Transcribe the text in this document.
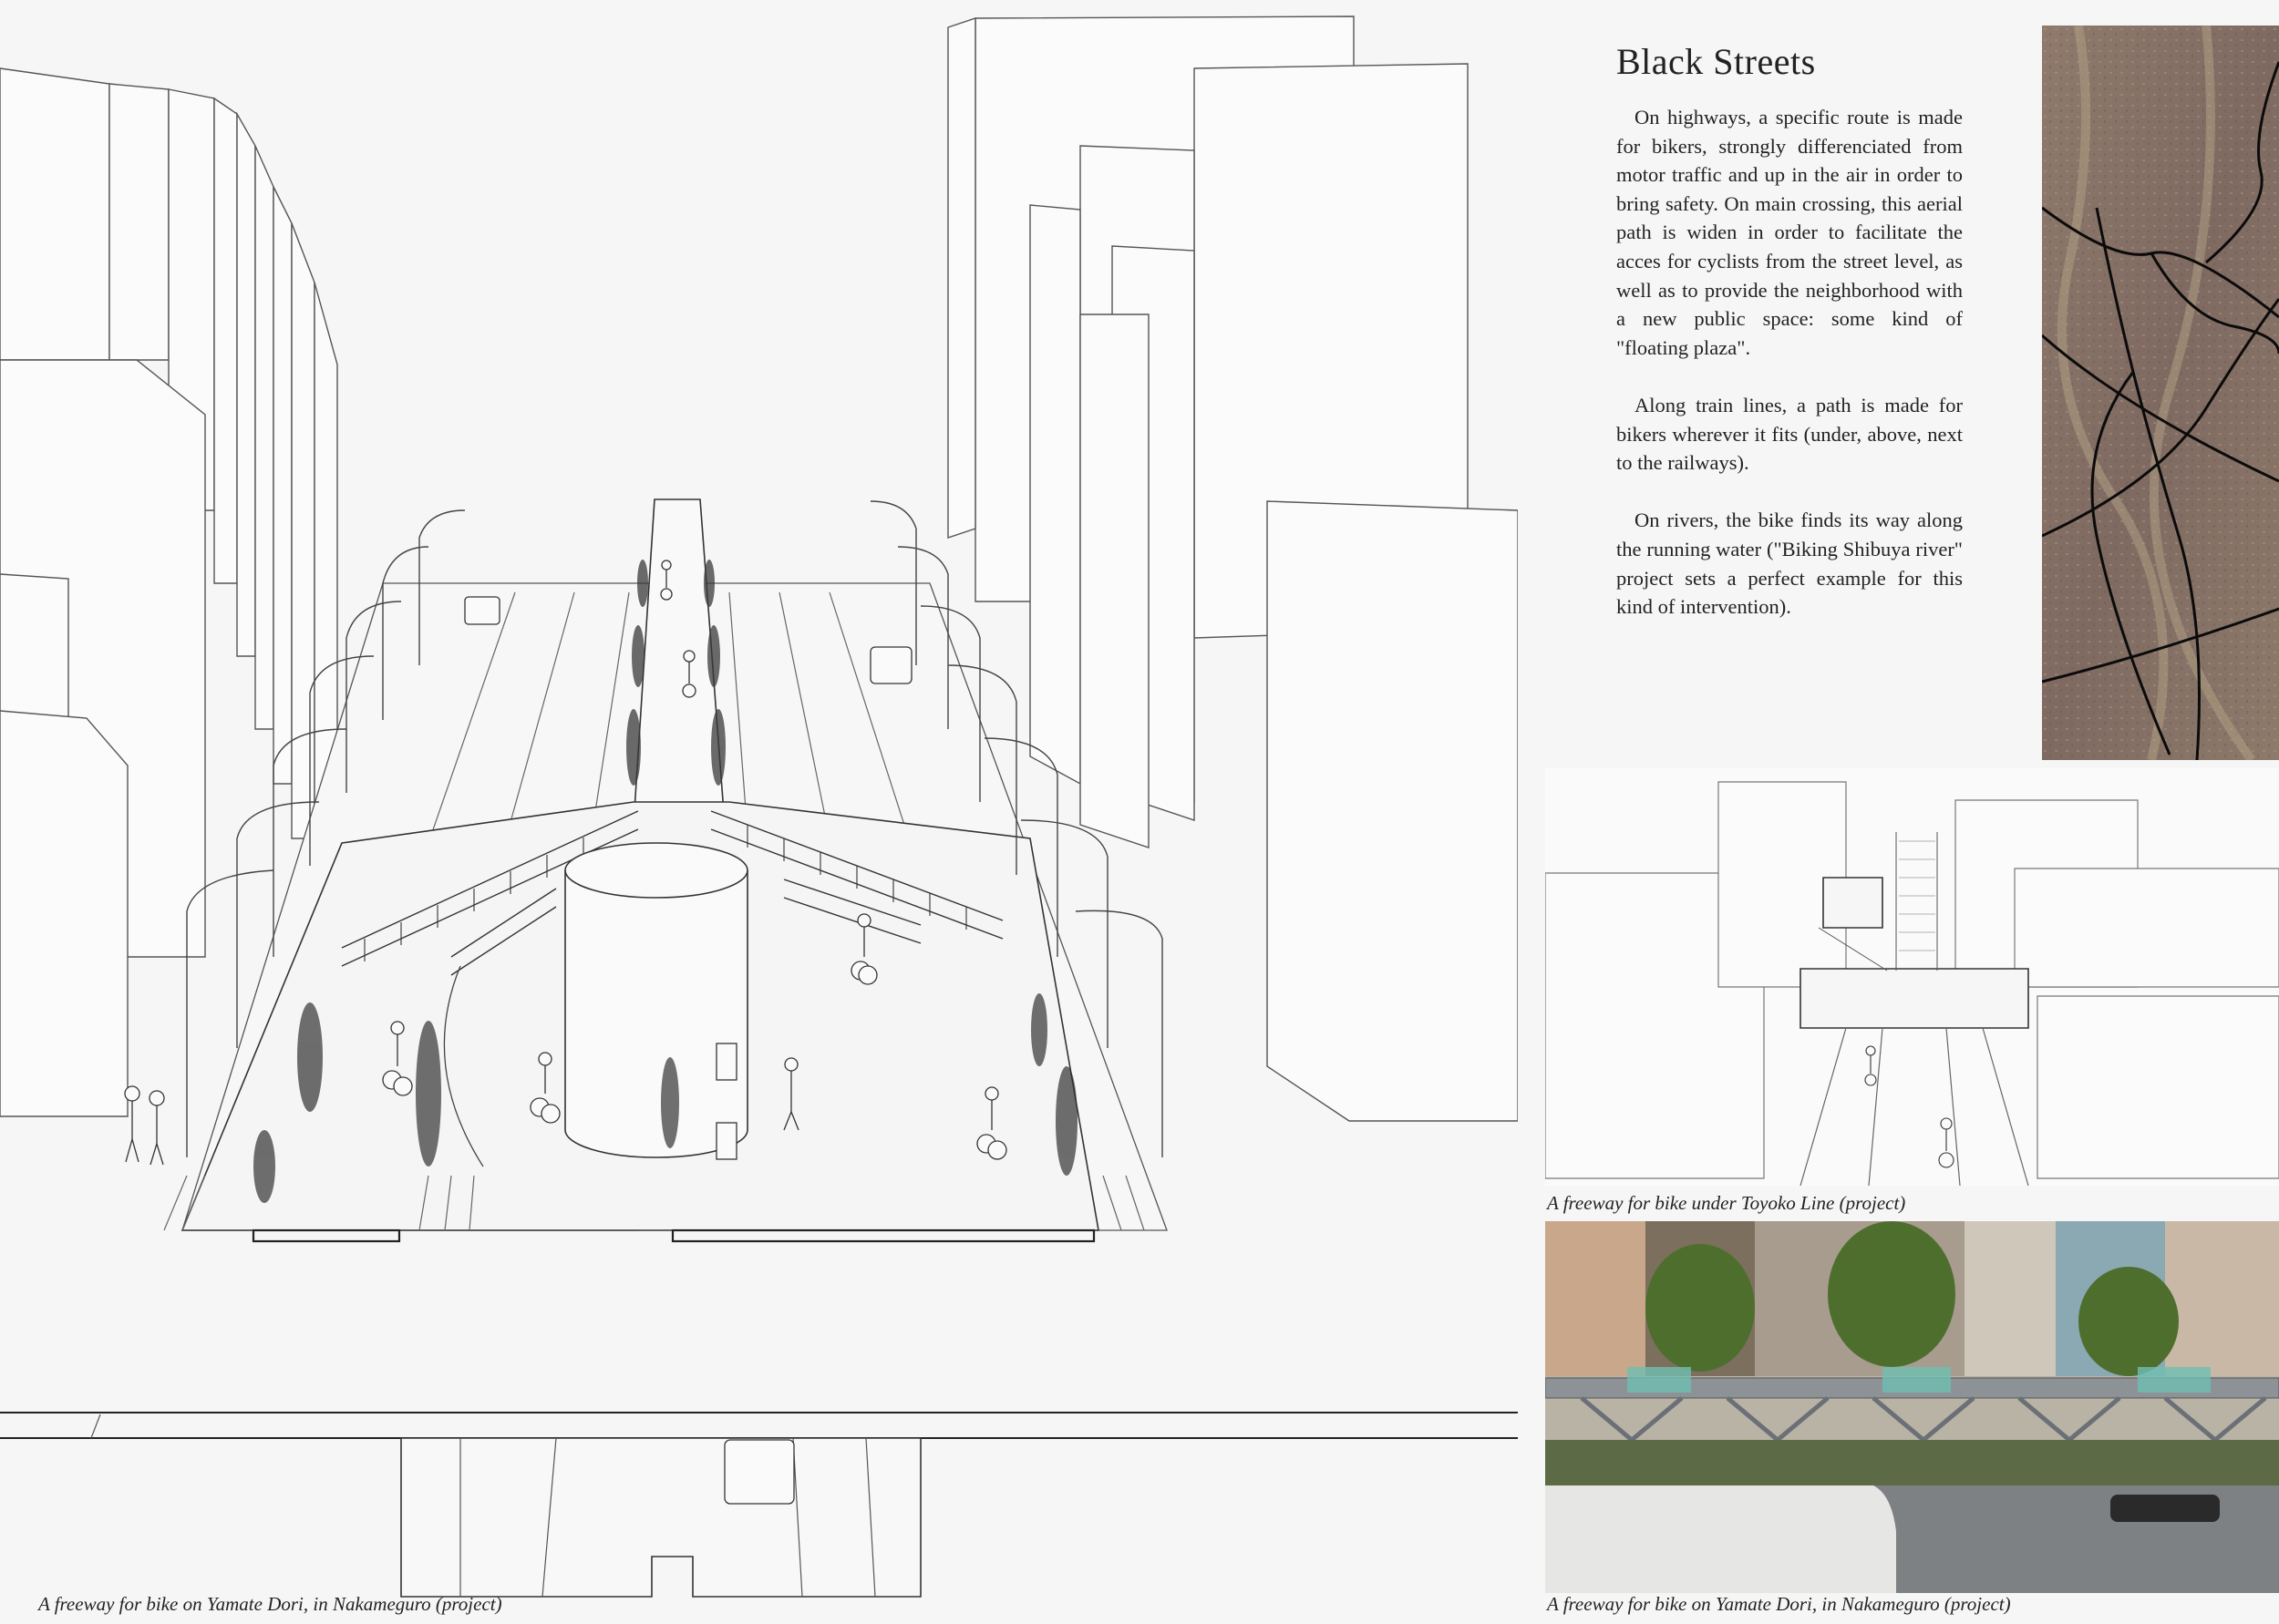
Black Streets

On highways, a specific route is made for bikers, strongly differenciated from motor traffic and up in the air in order to bring safety. On main crossing, this aerial path is widen in order to facilitate the acces for cyclists from the street level, as well as to provide the neighborhood with a new public space: some kind of "floating plaza".

Along train lines, a path is made for bikers wherever it fits (under, above, next to the railways).

On rivers, the bike finds its way along the running water ("Biking Shibuya river" project sets a perfect example for this kind of intervention).

A freeway for bike under Toyoko Line (project)
A freeway for bike on Yamate Dori, in Nakameguro (project)	A freeway for bike on Yamate Dori, in Nakameguro (project)
